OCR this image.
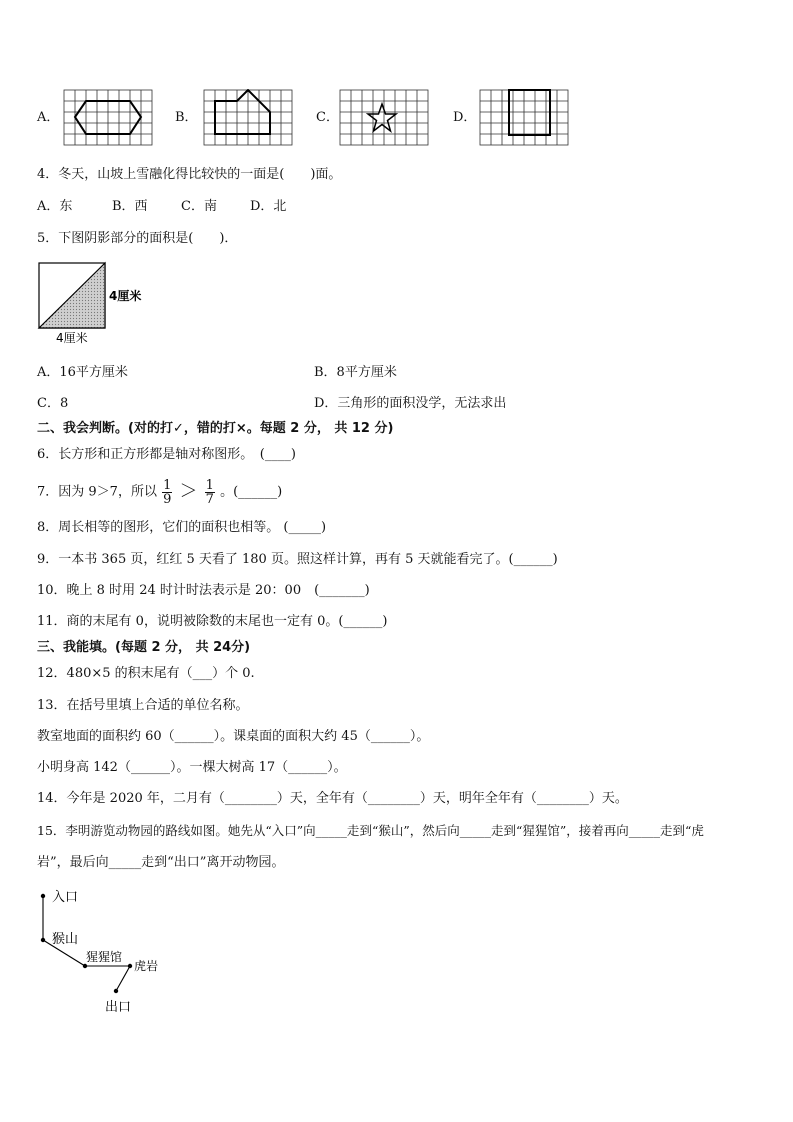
A．	B．	C．	D．
4．冬天，山坡上雪融化得比较快的一面是(　　)面。
A．东	B．西	C．南	D．北
5．下图阴影部分的面积是(　　)．
4厘米
4厘米
A．16平方厘米	B．8平方厘米
C．8	D．三角形的面积没学，无法求出
二、我会判断。(对的打✓，错的打×。每题 2 分， 共 12 分)
6．长方形和正方形都是轴对称图形。　(____)
7．因为 9＞7，所以 $\frac{1}{9} > \frac{1}{7}$ 。(______)
8．周长相等的图形，它们的面积也相等。 (_____)
9．一本书 365 页，红红 5 天看了 180 页。照这样计算，再有 5 天就能看完了。(______)
10．晚上 8 时用 24 时计时法表示是 20：00　(_______)
11．商的末尾有 0，说明被除数的末尾也一定有 0。(______)
三、我能填。(每题 2 分， 共 24分)
12．480×5 的积末尾有（___）个 0.
13．在括号里填上合适的单位名称。
教室地面的面积约 60（______）。课桌面的面积大约 45（______）。
小明身高 142（______）。一棵大树高 17（______）。
14．今年是 2020 年，二月有（________）天，全年有（________）天，明年全年有（________）天。
15．李明游览动物园的路线如图。她先从“入口”向_____走到“猴山”，然后向_____走到“猩猩馆”，接着再向_____走到“虎
岩”，最后向_____走到“出口”离开动物园。
入口
猴山
猩猩馆
虎岩
出口
